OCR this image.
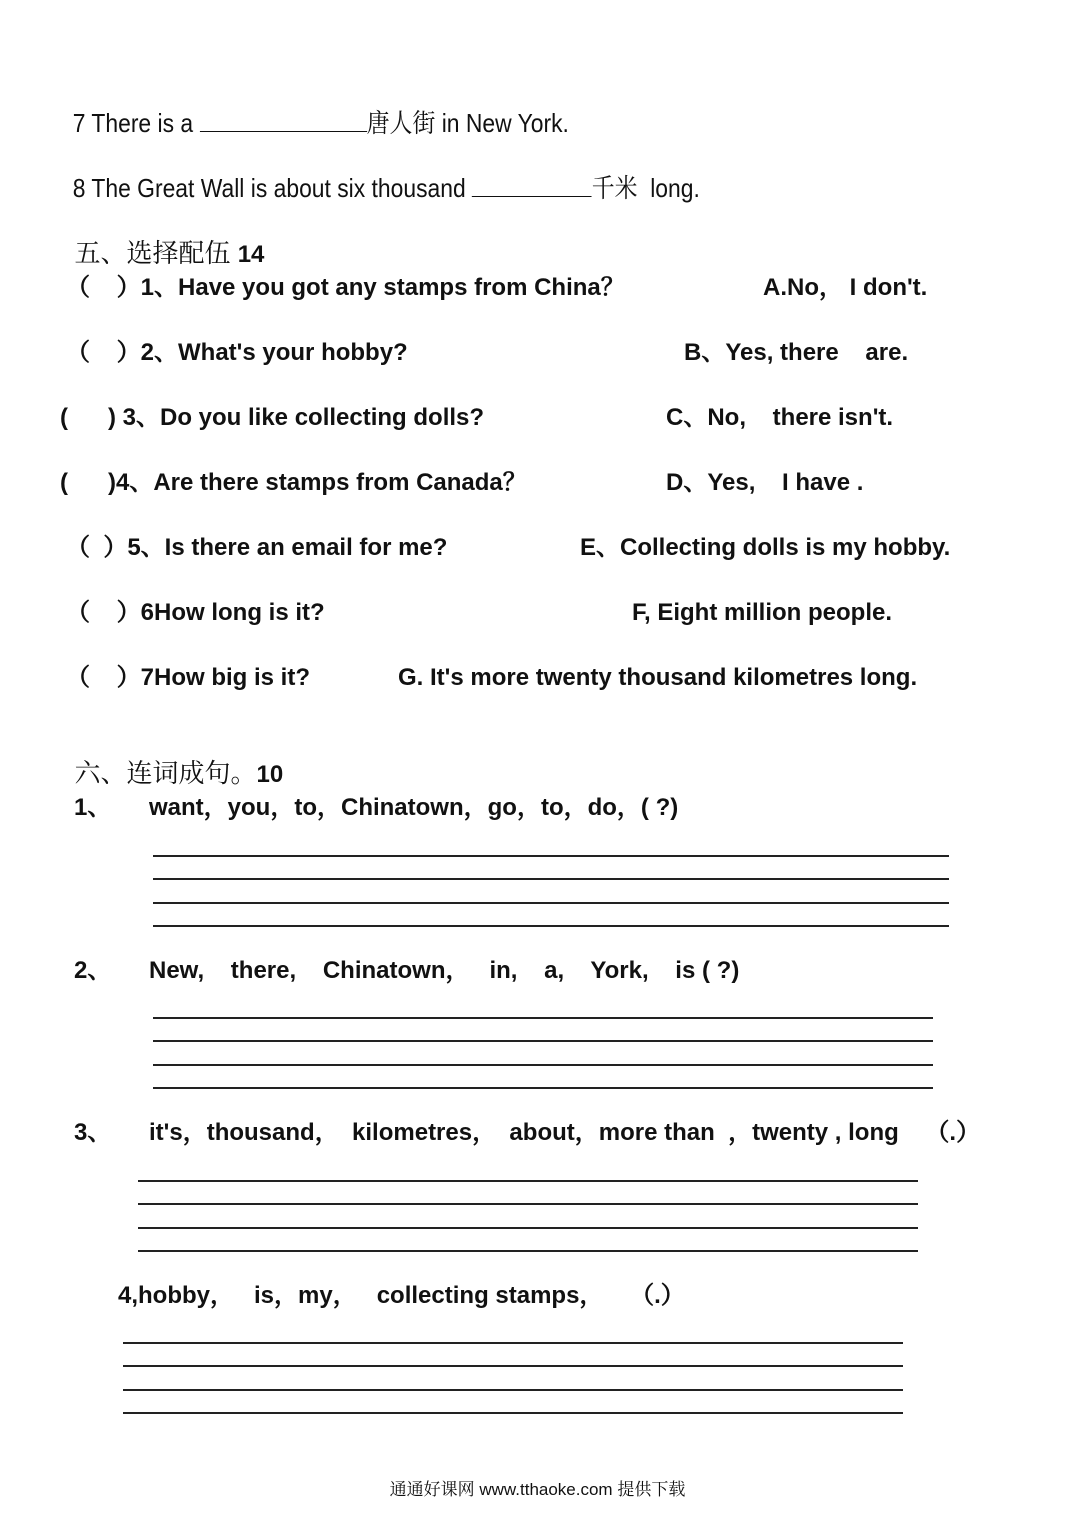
7 There is a	唐人街 in New York.

8 The Great Wall is about six thousand	千米  long.

五、选择配伍 14

（    ）1、Have you got any stamps from China？	A.No， I don't.
（    ）2、What's your hobby?	B、Yes, there    are.
(      ) 3、Do you like collecting dolls?	C、No,    there isn't.
(      )4、Are there stamps from Canada？	D、Yes,    I have .
（  ）5、Is there an email for me?	E、Collecting dolls is my hobby.
（    ）6How long is it?	F, Eight million people.
（    ）7How big is it?	G. It's more twenty thousand kilometres long.

六、连词成句。10

1、 want，you，to，Chinatown，go，to，do，( ?)
2、 New,    there,    Chinatown，   in,    a,    York,    is ( ?)
3、 it's，thousand，  kilometres，  about，more than  ，twenty , long    （.）
4,hobby，   is，my，   collecting stamps，    （.）
通通好课网 www.tthaoke.com 提供下载
